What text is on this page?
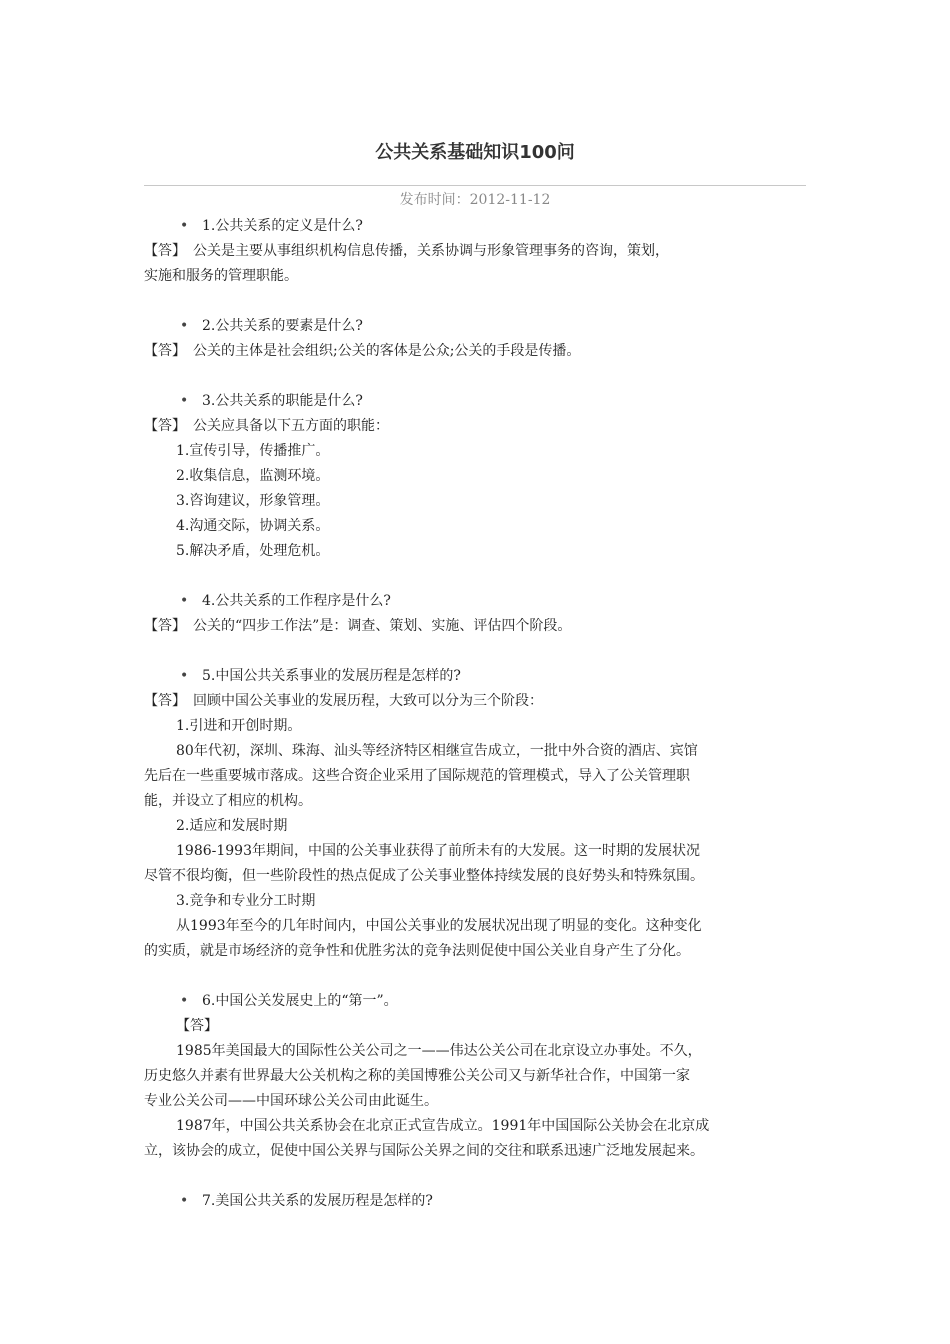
公共关系基础知识100问
发布时间：2012-11-12

• 1.公共关系的定义是什么?

【答】　公关是主要从事组织机构信息传播，关系协调与形象管理事务的咨询，策划，

实施和服务的管理职能。

• 2.公共关系的要素是什么?

【答】　公关的主体是社会组织;公关的客体是公众;公关的手段是传播。

• 3.公共关系的职能是什么?

【答】　公关应具备以下五方面的职能：

1.宣传引导，传播推广。

2.收集信息，监测环境。

3.咨询建议，形象管理。

4.沟通交际，协调关系。

5.解决矛盾，处理危机。

• 4.公共关系的工作程序是什么?

【答】　公关的“四步工作法”是：调查、策划、实施、评估四个阶段。

• 5.中国公共关系事业的发展历程是怎样的?

【答】　回顾中国公关事业的发展历程，大致可以分为三个阶段：

1.引进和开创时期。

80年代初，深圳、珠海、汕头等经济特区相继宣告成立，一批中外合资的酒店、宾馆

先后在一些重要城市落成。这些合资企业采用了国际规范的管理模式，导入了公关管理职

能，并设立了相应的机构。

2.适应和发展时期

1986-1993年期间，中国的公关事业获得了前所未有的大发展。这一时期的发展状况

尽管不很均衡，但一些阶段性的热点促成了公关事业整体持续发展的良好势头和特殊氛围。

3.竞争和专业分工时期

从1993年至今的几年时间内，中国公关事业的发展状况出现了明显的变化。这种变化

的实质，就是市场经济的竞争性和优胜劣汰的竞争法则促使中国公关业自身产生了分化。

• 6.中国公关发展史上的“第一”。

【答】

1985年美国最大的国际性公关公司之一——伟达公关公司在北京设立办事处。不久，

历史悠久并素有世界最大公关机构之称的美国博雅公关公司又与新华社合作，中国第一家

专业公关公司——中国环球公关公司由此诞生。

1987年，中国公共关系协会在北京正式宣告成立。1991年中国国际公关协会在北京成

立，该协会的成立，促使中国公关界与国际公关界之间的交往和联系迅速广泛地发展起来。

• 7.美国公共关系的发展历程是怎样的?
